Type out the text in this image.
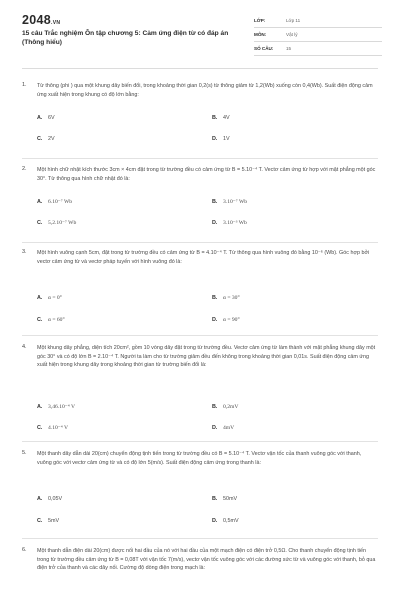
2048.VN
15 câu Trắc nghiệm Ôn tập chương 5: Cảm ứng điện từ có đáp án (Thông hiểu)
LỚP:	Lớp 11
MÔN:	Vật lý
SỐ CÂU:	15
1.	Từ thông (phi ) qua một khung dây biến đổi, trong khoảng thời gian 0,2(s) từ thông giảm từ 1,2(Wb) xuống còn 0,4(Wb). Suất điện động cảm ứng xuất hiện trong khung có độ lớn bằng:
A. 6V	B. 4V
C. 2V	D. 1V
2.	Một hình chữ nhật kích thước 3cm × 4cm đặt trong từ trường đều có cảm ứng từ B = 5.10⁻⁴ T. Vectơ cảm ứng từ hợp với mặt phẳng một góc 30°. Từ thông qua hình chữ nhật đó là:
A. 6.10⁻⁷ Wb	B. 3.10⁻⁷ Wb
C. 5,2.10⁻⁷ Wb	D. 3.10⁻³ Wb
3.	Một hình vuông cạnh 5cm, đặt trong từ trường đều có cảm ứng từ B = 4.10⁻⁴ T. Từ thông qua hình vuông đó bằng 10⁻⁶ (Wb). Góc hợp bởi vectơ cảm ứng từ và vectơ pháp tuyến với hình vuông đó là:
A. α = 0°	B. α = 30°
C. α = 60°	D. α = 90°
4.	Một khung dây phẳng, diện tích 20cm², gồm 10 vòng dây đặt trong từ trường đều. Vectơ cảm ứng từ làm thành với mặt phẳng khung dây một góc 30° và có độ lớn B = 2.10⁻⁴ T. Người ta làm cho từ trường giảm đều đến không trong khoảng thời gian 0,01s. Suất điện động cảm ứng xuất hiện trong khung dây trong khoảng thời gian từ trường biến đổi là:
A. 3,46.10⁻⁴ V	B. 0,2mV
C. 4.10⁻⁴ V	D. 4mV
5.	Một thanh dây dẫn dài 20(cm) chuyển động tịnh tiến trong từ trường đều có B = 5.10⁻⁴ T. Vectơ vận tốc của thanh vuông góc với thanh, vuông góc với vectơ cảm ứng từ và có độ lớn 5(m/s). Suất điện động cảm ứng trong thanh là:
A. 0,05V	B. 50mV
C. 5mV	D. 0,5mV
6.	Một thanh dẫn điện dài 20(cm) được nối hai đầu của nó với hai đầu của một mạch điện có điện trở 0,5Ω. Cho thanh chuyển động tịnh tiến trong từ trường đều cảm ứng từ B = 0,08T với vận tốc 7(m/s), vectơ vận tốc vuông góc với các đường sức từ và vuông góc với thanh, bỏ qua điện trở của thanh và các dây nối. Cường độ dòng điện trong mạch là:
